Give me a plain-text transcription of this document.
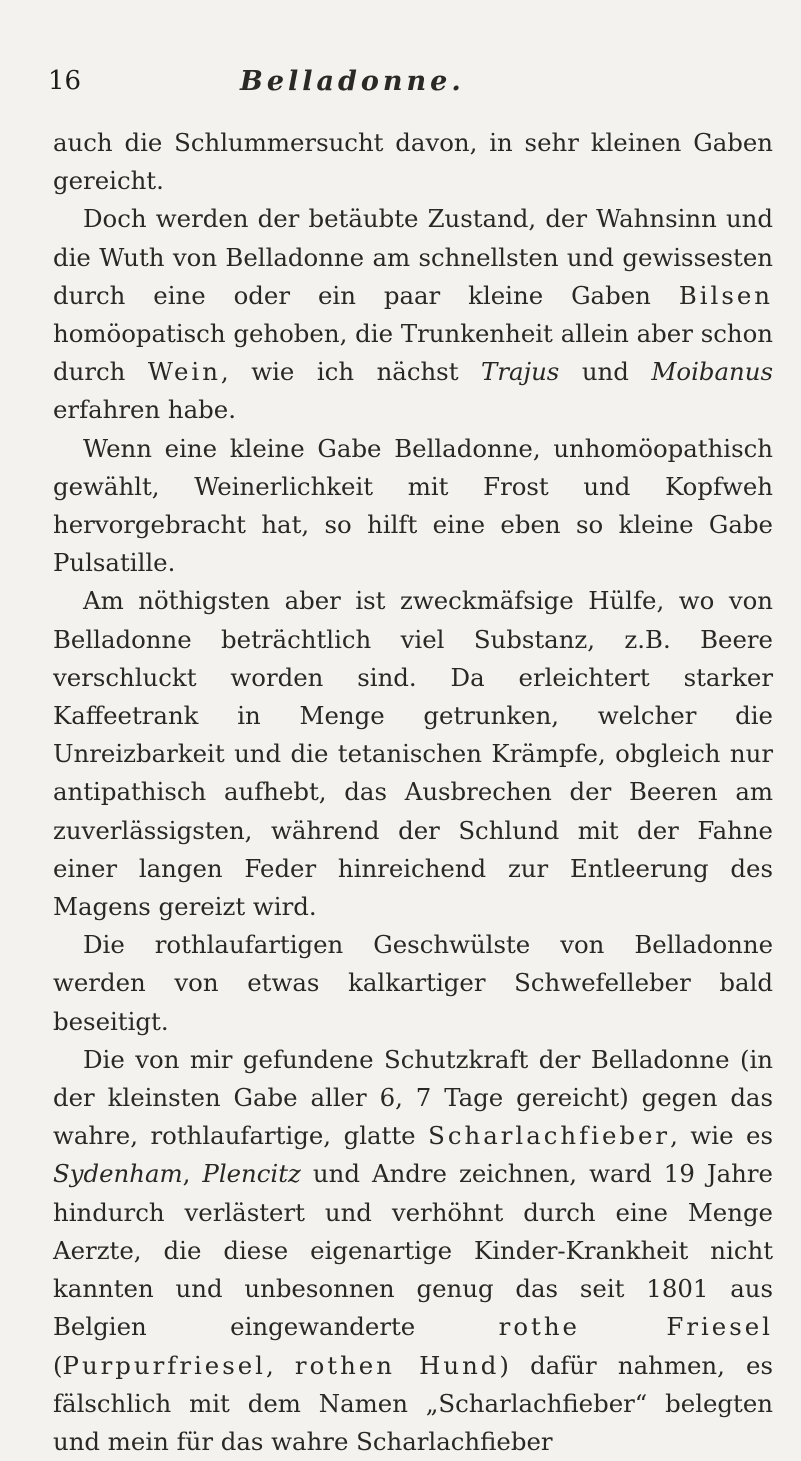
16	Belladonne.

auch die Schlummersucht davon, in sehr kleinen Gaben gereicht.

Doch werden der betäubte Zustand, der Wahnsinn und die Wuth von Belladonne am schnellsten und gewissesten durch eine oder ein paar kleine Gaben Bilsen homöopatisch gehoben, die Trunkenheit allein aber schon durch Wein, wie ich nächst Trajus und Moibanus erfahren habe.

Wenn eine kleine Gabe Belladonne, unhomöopathisch gewählt, Weinerlichkeit mit Frost und Kopfweh hervorgebracht hat, so hilft eine eben so kleine Gabe Pulsatille.

Am nöthigsten aber ist zweckmäfsige Hülfe, wo von Belladonne beträchtlich viel Substanz, z.B. Beere verschluckt worden sind. Da erleichtert starker Kaffeetrank in Menge getrunken, welcher die Unreizbarkeit und die tetanischen Krämpfe, obgleich nur antipathisch aufhebt, das Ausbrechen der Beeren am zuverlässigsten, während der Schlund mit der Fahne einer langen Feder hinreichend zur Entleerung des Magens gereizt wird.

Die rothlaufartigen Geschwülste von Belladonne werden von etwas kalkartiger Schwefelleber bald beseitigt.

Die von mir gefundene Schutzkraft der Belladonne (in der kleinsten Gabe aller 6, 7 Tage gereicht) gegen das wahre, rothlaufartige, glatte Scharlachfieber, wie es Sydenham, Plencitz und Andre zeichnen, ward 19 Jahre hindurch verlästert und verhöhnt durch eine Menge Aerzte, die diese eigenartige Kinder-Krankheit nicht kannten und unbesonnen genug das seit 1801 aus Belgien eingewanderte rothe Friesel (Purpurfriesel, rothen Hund) dafür nahmen, es fälschlich mit dem Namen „Scharlachfieber“ belegten und mein für das wahre Scharlachfieber
